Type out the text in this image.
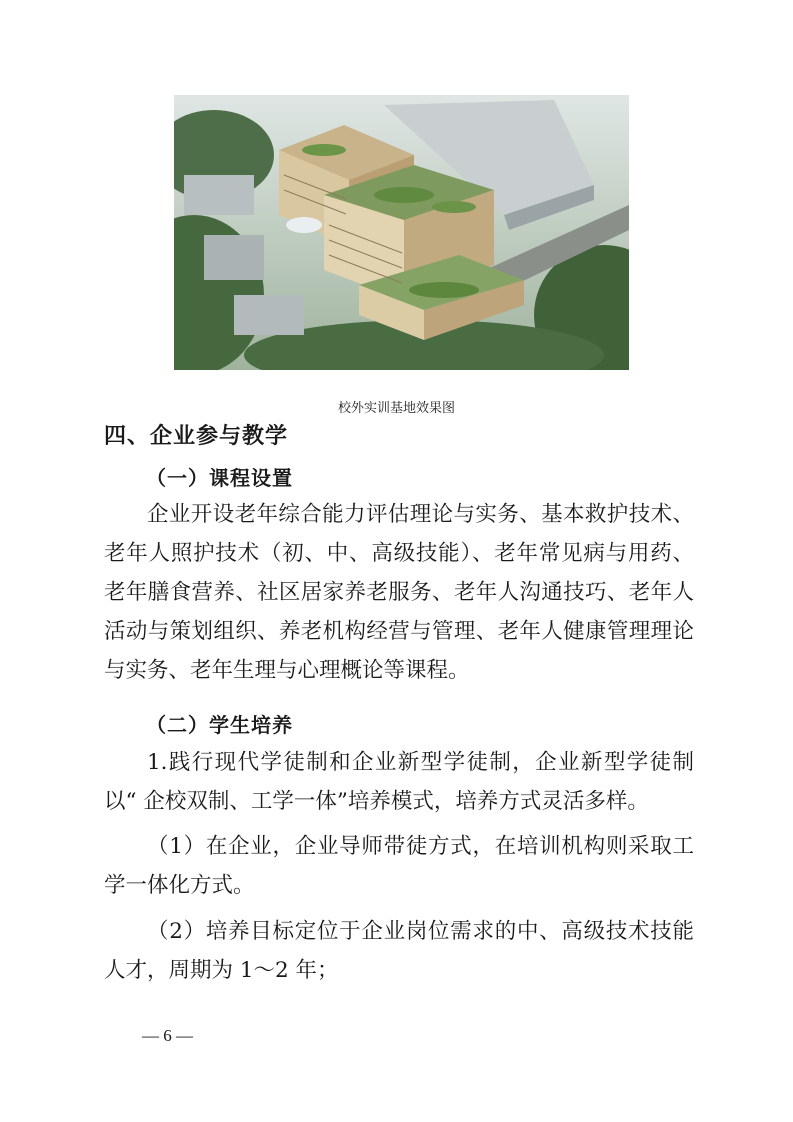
校外实训基地效果图
四、企业参与教学
（一）课程设置

企业开设老年综合能力评估理论与实务、基本救护技术、老年人照护技术（初、中、高级技能）、老年常见病与用药、老年膳食营养、社区居家养老服务、老年人沟通技巧、老年人活动与策划组织、养老机构经营与管理、老年人健康管理理论与实务、老年生理与心理概论等课程。

（二）学生培养

1.践行现代学徒制和企业新型学徒制，企业新型学徒制以“ 企校双制、工学一体”培养模式，培养方式灵活多样。

（1）在企业，企业导师带徒方式，在培训机构则采取工学一体化方式。

（2）培养目标定位于企业岗位需求的中、高级技术技能人才，周期为 1～2 年；

— 6 —
